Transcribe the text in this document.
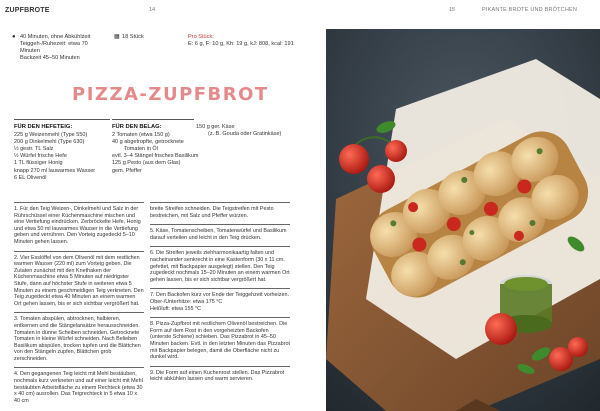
ZUPFBROTE	14	15	PIKANTE BROTE UND BRÖTCHEN
● 40 Minuten, ohne Abkühlzeit
Teiggeh-/Ruhezeit: etwa 70 Minuten
Backzeit 45–50 Minuten
▦ 18 Stück	Pro Stück:
E: 6 g, F: 10 g, Kh: 19 g, kJ: 808, kcal: 191
PIZZA-ZUPFBROT
FÜR DEN HEFETEIG:
225 g Weizenmehl (Type 550)
200 g Dinkelmehl (Type 630)
½ gestr. TL Salz
½ Würfel frische Hefe
1 TL flüssiger Honig
knapp 270 ml lauwarmes Wasser
6 EL Olivenöl
FÜR DEN BELAG:
2 Tomaten (etwa 150 g)
40 g abgetropfte, getrocknete
Tomaten in Öl
evtl. 3–4 Stängel frisches Basilikum
125 g Pesto (aus dem Glas)
gem. Pfeffer
150 g ger. Käse
(z. B. Gouda oder Gratinkäse)
1. Für den Teig Weizen-, Dinkelmehl und Salz in der Rührschüssel einer Küchenmaschine mischen und eine Vertiefung eindrücken. Zerbröckelte Hefe, Honig und etwa 50 ml lauwarmes Wasser in die Vertiefung geben und verrühren. Den Vorteig zugedeckt 5–10 Minuten gehen lassen.
2. Vier Esslöffel von dem Olivenöl mit dem restlichen warmen Wasser (220 ml) zum Vorteig geben. Die Zutaten zunächst mit den Knethaken der Küchenmaschine etwa 5 Minuten auf niedrigster Stufe, dann auf höchster Stufe in weiteren etwa 5 Minuten zu einem geschmeidigen Teig verkneten. Den Teig zugedeckt etwa 40 Minuten an einem warmen Ort gehen lassen, bis er sich sichtbar vergrößert hat.
3. Tomaten abspülen, abtrocknen, halbieren, entkernen und die Stängelansätze herausschneiden. Tomaten in dünne Scheiben schneiden. Getrocknete Tomaten in kleine Würfel schneiden. Nach Belieben Basilikum abspülen, trocken tupfen und die Blättchen von den Stängeln zupfen, Blättchen grob zerschneiden.
4. Den gegangenen Teig leicht mit Mehl bestäuben, nochmals kurz verkneten und auf einer leicht mit Mehl bestäubten Arbeitsfläche zu einem Rechteck (etwa 30 x 40 cm) ausrollen. Das Teigrechteck in 5 etwa 10 x 40 cm
breite Streifen schneiden. Die Teigstreifen mit Pesto bestreichen, mit Salz und Pfeffer würzen.
5. Käse, Tomatenscheiben, Tomatenwürfel und Basilikum darauf verteilen und leicht in den Teig drücken.
6. Die Streifen jeweils ziehharmonikaartig falten und nacheinander senkrecht in eine Kastenform (30 x 11 cm, gefettet, mit Backpapier ausgelegt) stellen. Den Teig zugedeckt nochmals 15–20 Minuten an einem warmen Ort gehen lassen, bis er sich sichtbar vergrößert hat.
7. Den Backofen kurz vor Ende der Teiggehzeit vorheizen.
Ober-/Unterhitze: etwa 175 °C
Heißluft: etwa 155 °C
8. Pizza-Zupfbrot mit restlichem Olivenöl bestreichen. Die Form auf dem Rost in den vorgeheizten Backofen (unterste Schiene) schieben. Das Pizzabrot in 45–50 Minuten backen. Evtl. in den letzten Minuten das Pizzabrot mit Backpapier belegen, damit die Oberfläche nicht zu dunkel wird.
9. Die Form auf einen Kuchenrost stellen. Das Pizzabrot leicht abkühlen lassen und warm servieren.
